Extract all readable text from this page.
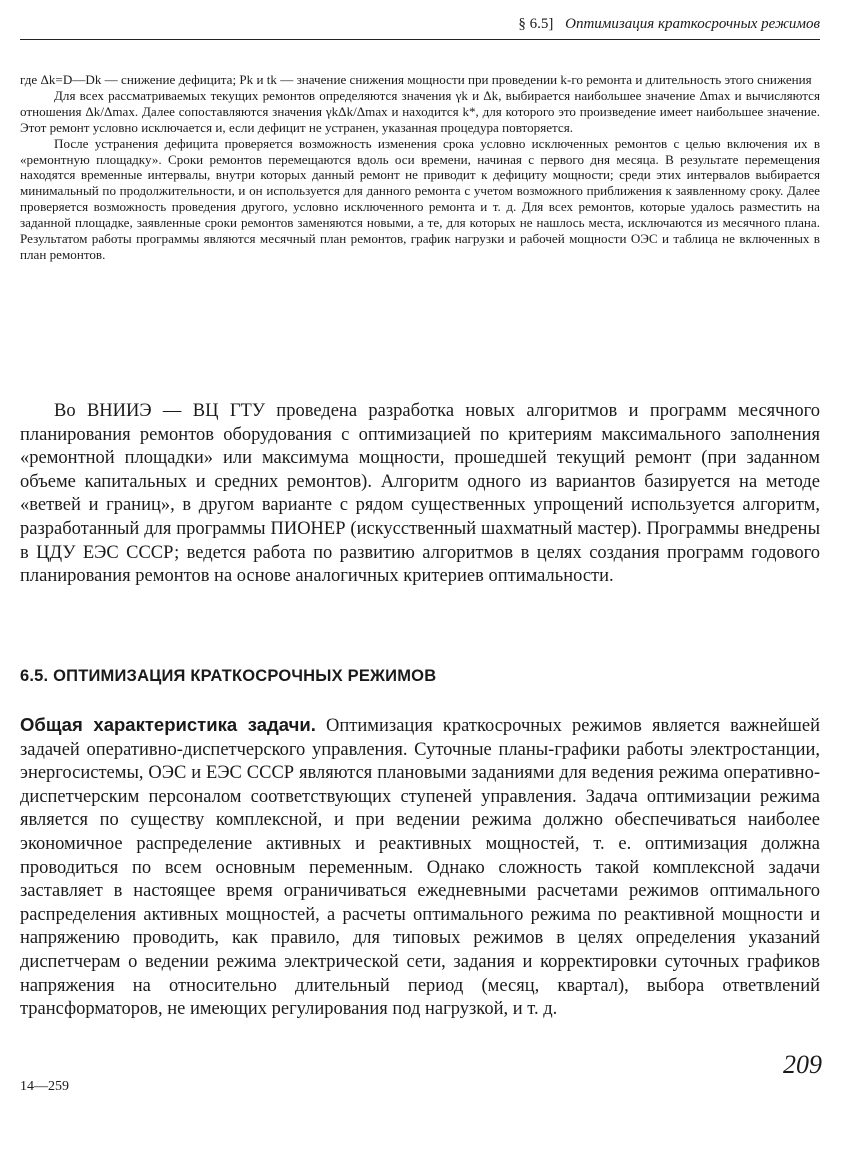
§ 6.5] Оптимизация краткосрочных режимов

где Δk=D—Dk — снижение дефицита; Pk и tk — значение снижения мощности при проведении k-го ремонта и длительность этого снижения

Для всех рассматриваемых текущих ремонтов определяются значения γk и Δk, выбирается наибольшее значение Δmax и вычисляются отношения Δk/Δmax. Далее сопоставляются значения γkΔk/Δmax и находится k*, для которого это произведение имеет наибольшее значение. Этот ремонт условно исключается и, если дефицит не устранен, указанная процедура повторяется.

После устранения дефицита проверяется возможность изменения срока условно исключенных ремонтов с целью включения их в «ремонтную площадку». Сроки ремонтов перемещаются вдоль оси времени, начиная с первого дня месяца. В результате перемещения находятся временные интервалы, внутри которых данный ремонт не приводит к дефициту мощности; среди этих интервалов выбирается минимальный по продолжительности, и он используется для данного ремонта с учетом возможного приближения к заявленному сроку. Далее проверяется возможность проведения другого, условно исключенного ремонта и т. д. Для всех ремонтов, которые удалось разместить на заданной площадке, заявленные сроки ремонтов заменяются новыми, а те, для которых не нашлось места, исключаются из месячного плана. Результатом работы программы являются месячный план ремонтов, график нагрузки и рабочей мощности ОЭС и таблица не включенных в план ремонтов.

Во ВНИИЭ — ВЦ ГТУ проведена разработка новых алгоритмов и программ месячного планирования ремонтов оборудования с оптимизацией по критериям максимального заполнения «ремонтной площадки» или максимума мощности, прошедшей текущий ремонт (при заданном объеме капитальных и средних ремонтов). Алгоритм одного из вариантов базируется на методе «ветвей и границ», в другом варианте с рядом существенных упрощений используется алгоритм, разработанный для программы ПИОНЕР (искусственный шахматный мастер). Программы внедрены в ЦДУ ЕЭС СССР; ведется работа по развитию алгоритмов в целях создания программ годового планирования ремонтов на основе аналогичных критериев оптимальности.

6.5. ОПТИМИЗАЦИЯ КРАТКОСРОЧНЫХ РЕЖИМОВ

Общая характеристика задачи. Оптимизация краткосрочных режимов является важнейшей задачей оперативно-диспетчерского управления. Суточные планы-графики работы электростанции, энергосистемы, ОЭС и ЕЭС СССР являются плановыми заданиями для ведения режима оперативно-диспетчерским персоналом соответствующих ступеней управления. Задача оптимизации режима является по существу комплексной, и при ведении режима должно обеспечиваться наиболее экономичное распределение активных и реактивных мощностей, т. е. оптимизация должна проводиться по всем основным переменным. Однако сложность такой комплексной задачи заставляет в настоящее время ограничиваться ежедневными расчетами режимов оптимального распределения активных мощностей, а расчеты оптимального режима по реактивной мощности и напряжению проводить, как правило, для типовых режимов в целях определения указаний диспетчерам о ведении режима электрической сети, задания и корректировки суточных графиков напряжения на относительно длительный период (месяц, квартал), выбора ответвлений трансформаторов, не имеющих регулирования под нагрузкой, и т. д.

209
14—259
